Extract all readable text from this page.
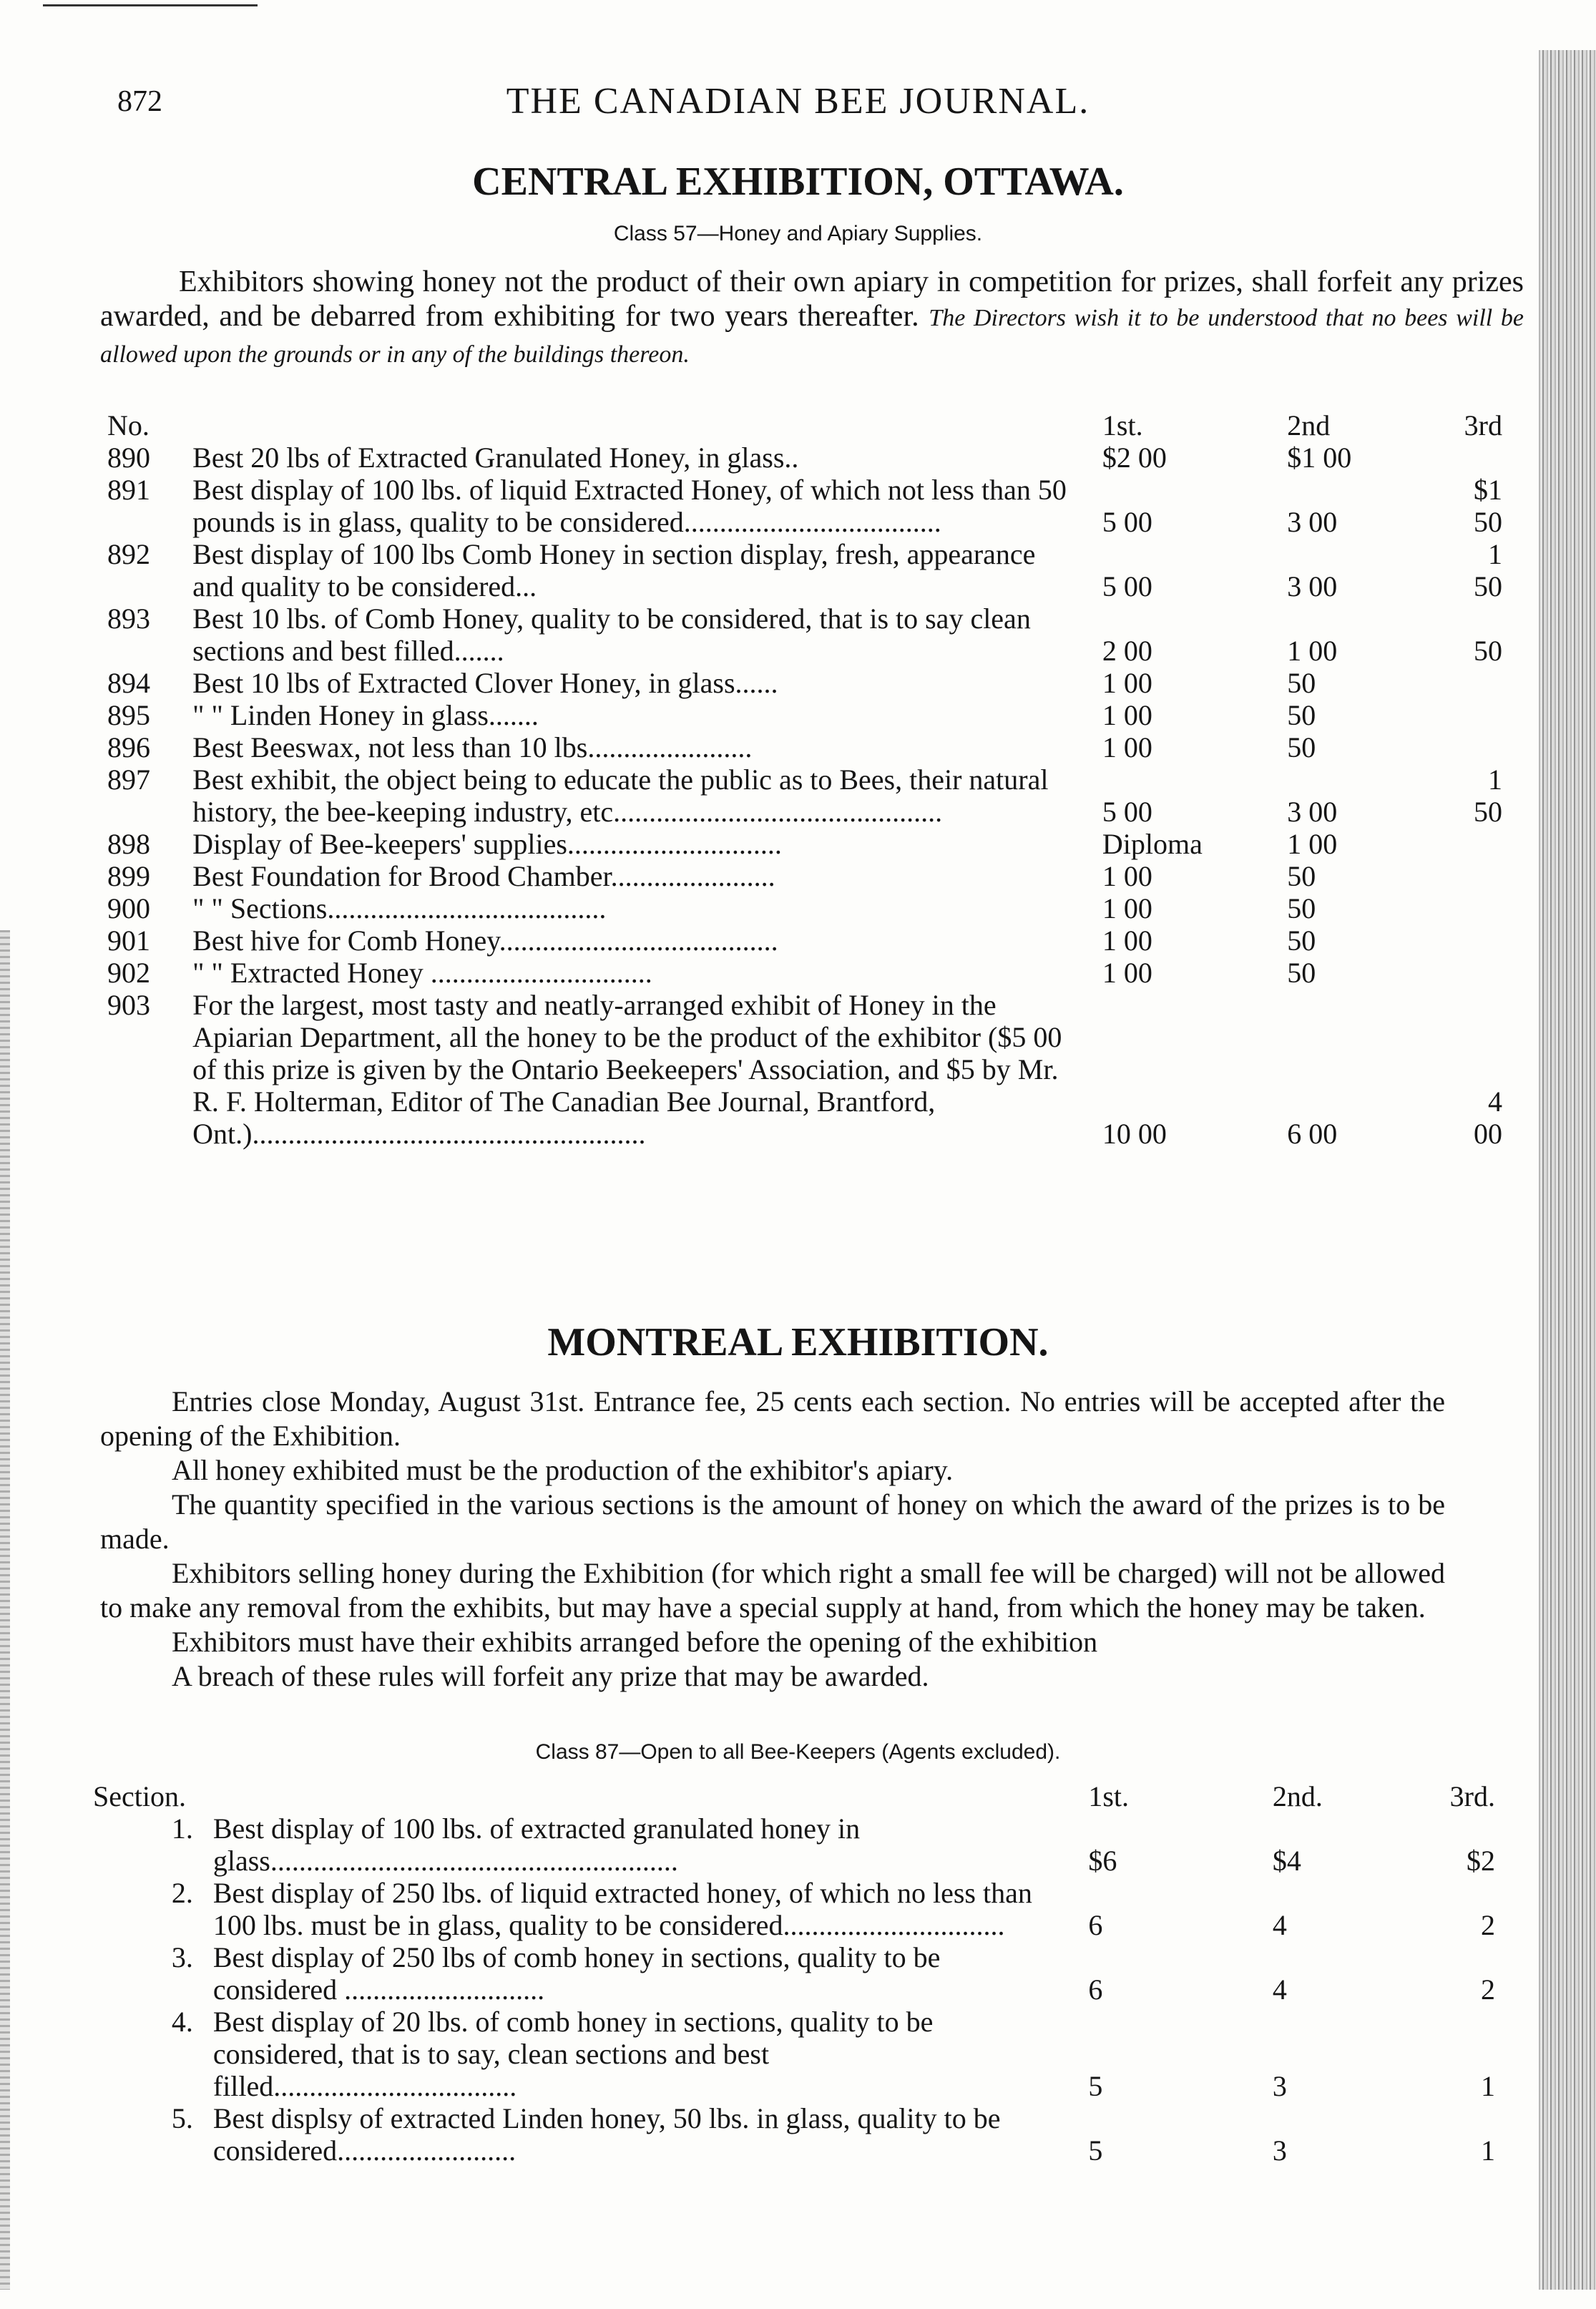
872	THE CANADIAN BEE JOURNAL.
CENTRAL EXHIBITION, OTTAWA.
Class 57—Honey and Apiary Supplies.
Exhibitors showing honey not the product of their own apiary in competition for prizes, shall forfeit any prizes awarded, and be debarred from exhibiting for two years thereafter. The Directors wish it to be understood that no bees will be allowed upon the grounds or in any of the buildings thereon.
No.		1st.	2nd	3rd
890	Best 20 lbs of Extracted Granulated Honey, in glass..	$2 00	$1 00	
891	Best display of 100 lbs. of liquid Extracted Honey, of which not less than 50 pounds is in glass, quality to be considered....................................	5 00	3 00	$1 50
892	Best display of 100 lbs Comb Honey in section display, fresh, appearance and quality to be considered...	5 00	3 00	1 50
893	Best 10 lbs. of Comb Honey, quality to be considered, that is to say clean sections and best filled.......	2 00	1 00	50
894	Best 10 lbs of Extracted Clover Honey, in glass......	1 00	50	
895	" " Linden Honey in glass.......	1 00	50	
896	Best Beeswax, not less than 10 lbs.......................	1 00	50	
897	Best exhibit, the object being to educate the public as to Bees, their natural history, the bee-keeping industry, etc..............................................	5 00	3 00	1 50
898	Display of Bee-keepers' supplies..............................	Diploma	1 00	
899	Best Foundation for Brood Chamber.......................	1 00	50	
900	" " Sections.......................................	1 00	50	
901	Best hive for Comb Honey.......................................	1 00	50	
902	" " Extracted Honey ...............................	1 00	50	
903	For the largest, most tasty and neatly-arranged exhibit of Honey in the Apiarian Department, all the honey to be the product of the exhibitor ($5 00 of this prize is given by the Ontario Beekeepers' Association, and $5 by Mr. R. F. Holterman, Editor of The Canadian Bee Journal, Brantford, Ont.).......................................................	10 00	6 00	4 00
MONTREAL EXHIBITION.

Entries close Monday, August 31st. Entrance fee, 25 cents each section. No entries will be accepted after the opening of the Exhibition.

All honey exhibited must be the production of the exhibitor's apiary.

The quantity specified in the various sections is the amount of honey on which the award of the prizes is to be made.

Exhibitors selling honey during the Exhibition (for which right a small fee will be charged) will not be allowed to make any removal from the exhibits, but may have a special supply at hand, from which the honey may be taken.

Exhibitors must have their exhibits arranged before the opening of the exhibition

A breach of these rules will forfeit any prize that may be awarded.

Class 87—Open to all Bee-Keepers (Agents excluded).
Section.		1st.	2nd.	3rd.
1.	Best display of 100 lbs. of extracted granulated honey in glass.........................................................	$6	$4	$2
2.	Best display of 250 lbs. of liquid extracted honey, of which no less than 100 lbs. must be in glass, quality to be considered...............................	6	4	2
3.	Best display of 250 lbs of comb honey in sections, quality to be considered ............................	6	4	2
4.	Best display of 20 lbs. of comb honey in sections, quality to be considered, that is to say, clean sections and best filled..................................	5	3	1
5.	Best displsy of extracted Linden honey, 50 lbs. in glass, quality to be considered.........................	5	3	1
